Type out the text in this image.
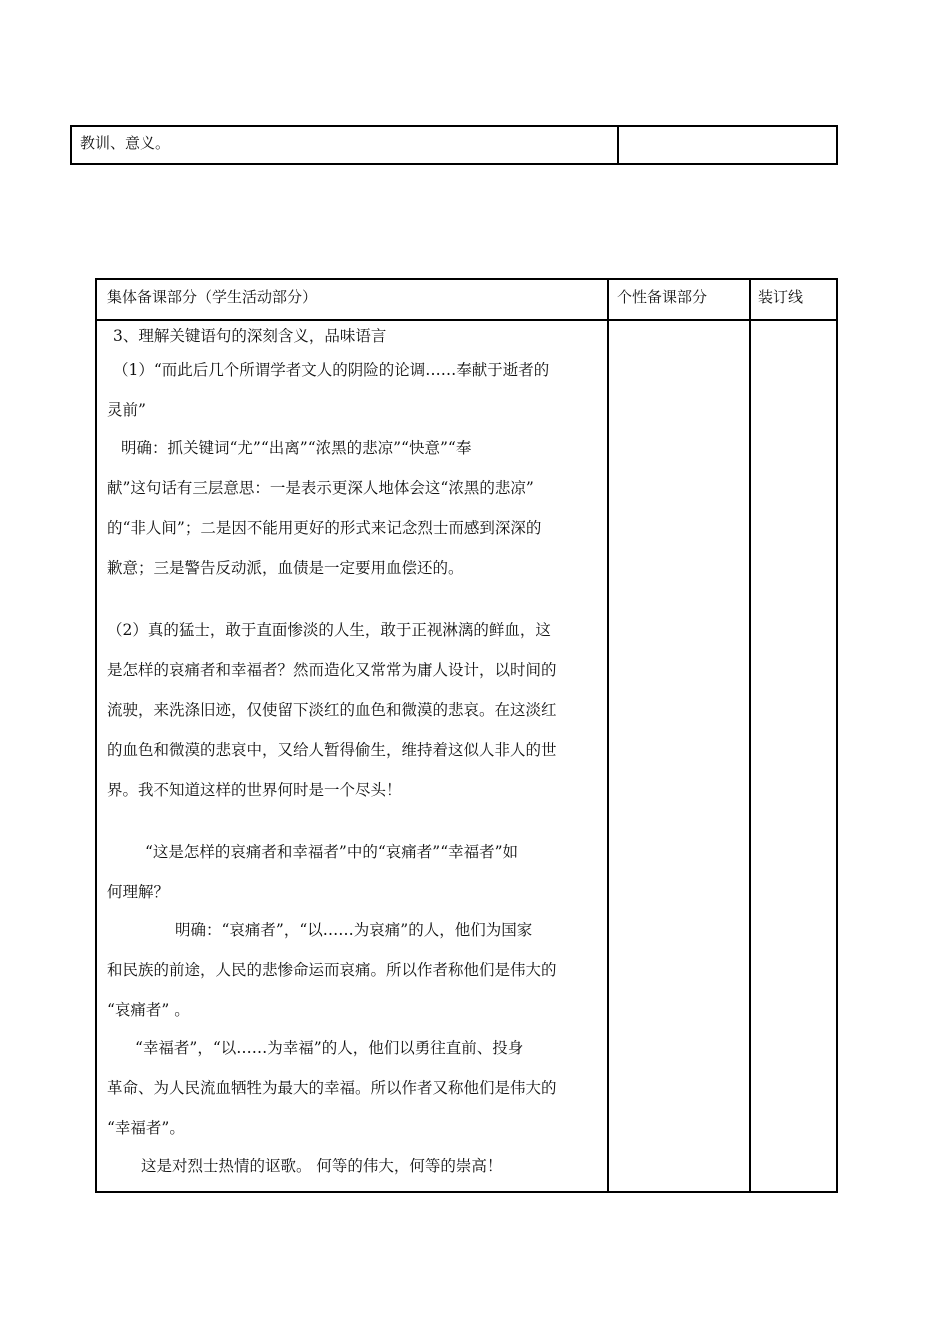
教训、意义。
集体备课部分（学生活动部分）	个性备课部分	装订线
3、理解关键语句的深刻含义，品味语言
（1）“而此后几个所谓学者文人的阴险的论调……奉献于逝者的
灵前”
明确：抓关键词“尤”“出离”“浓黑的悲凉”“快意”“奉
献”这句话有三层意思：一是表示更深人地体会这“浓黑的悲凉”
的“非人间”；二是因不能用更好的形式来记念烈士而感到深深的
歉意；三是警告反动派，血债是一定要用血偿还的。
（2）真的猛士，敢于直面惨淡的人生，敢于正视淋漓的鲜血，这
是怎样的哀痛者和幸福者？然而造化又常常为庸人设计，以时间的
流驶，来洗涤旧迹，仅使留下淡红的血色和微漠的悲哀。在这淡红
的血色和微漠的悲哀中，又给人暂得偷生，维持着这似人非人的世
界。我不知道这样的世界何时是一个尽头！
“这是怎样的哀痛者和幸福者”中的“哀痛者”“幸福者”如
何理解？
明确：“哀痛者”，“以……为哀痛”的人，他们为国家
和民族的前途，人民的悲惨命运而哀痛。所以作者称他们是伟大的
“哀痛者” 。
“幸福者”，“以……为幸福”的人，他们以勇往直前、投身
革命、为人民流血牺牲为最大的幸福。所以作者又称他们是伟大的
“幸福者”。
这是对烈士热情的讴歌。 何等的伟大，何等的崇高！
